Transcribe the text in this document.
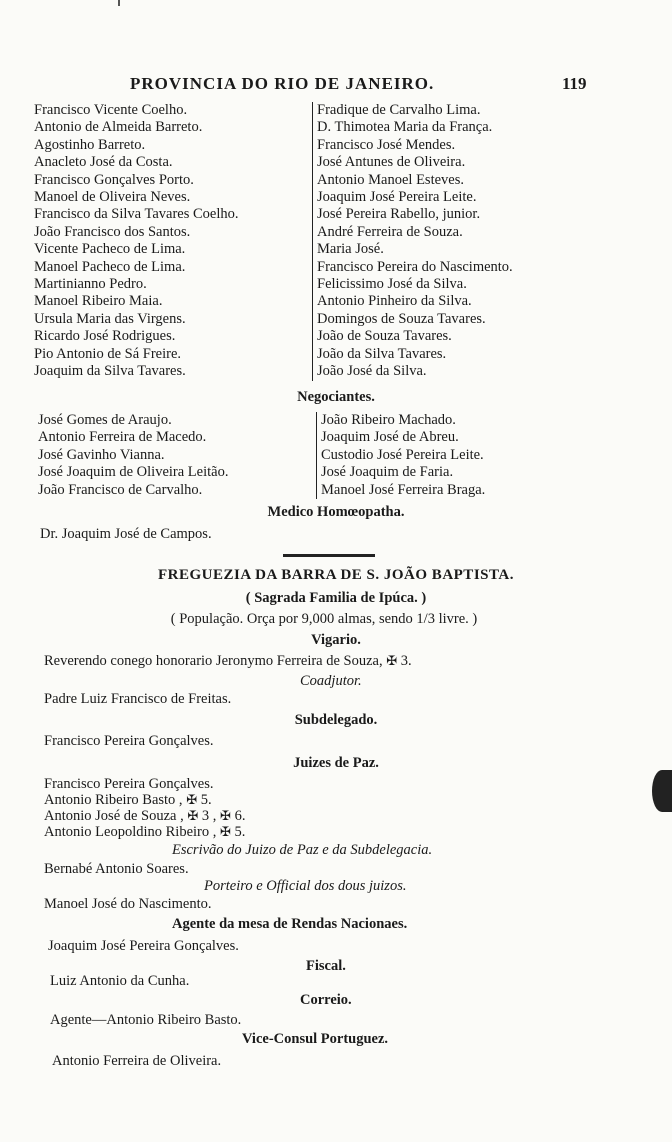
PROVINCIA DO RIO DE JANEIRO.	119
Francisco Vicente Coelho.
Antonio de Almeida Barreto.
Agostinho Barreto.
Anacleto José da Costa.
Francisco Gonçalves Porto.
Manoel de Oliveira Neves.
Francisco da Silva Tavares Coelho.
João Francisco dos Santos.
Vicente Pacheco de Lima.
Manoel Pacheco de Lima.
Martinianno Pedro.
Manoel Ribeiro Maia.
Ursula Maria das Virgens.
Ricardo José Rodrigues.
Pio Antonio de Sá Freire.
Joaquim da Silva Tavares.
Fradique de Carvalho Lima.
D. Thimotea Maria da França.
Francisco José Mendes.
José Antunes de Oliveira.
Antonio Manoel Esteves.
Joaquim José Pereira Leite.
José Pereira Rabello, junior.
André Ferreira de Souza.
Maria José.
Francisco Pereira do Nascimento.
Felicissimo José da Silva.
Antonio Pinheiro da Silva.
Domingos de Souza Tavares.
João de Souza Tavares.
João da Silva Tavares.
João José da Silva.
Negociantes.
José Gomes de Araujo.
Antonio Ferreira de Macedo.
José Gavinho Vianna.
José Joaquim de Oliveira Leitão.
João Francisco de Carvalho.
João Ribeiro Machado.
Joaquim José de Abreu.
Custodio José Pereira Leite.
José Joaquim de Faria.
Manoel José Ferreira Braga.
Medico Homœopatha.
Dr. Joaquim José de Campos.
FREGUEZIA DA BARRA DE S. JOÃO BAPTISTA.
( Sagrada Familia de Ipúca. )
( População. Orça por 9,000 almas, sendo 1/3 livre. )
Vigario.
Reverendo conego honorario Jeronymo Ferreira de Souza, ✠ 3.
Coadjutor.
Padre Luiz Francisco de Freitas.
Subdelegado.
Francisco Pereira Gonçalves.
Juizes de Paz.
Francisco Pereira Gonçalves.
Antonio Ribeiro Basto , ✠ 5.
Antonio José de Souza , ✠ 3 , ✠ 6.
Antonio Leopoldino Ribeiro , ✠ 5.
Escrivão do Juizo de Paz e da Subdelegacia.
Bernabé Antonio Soares.
Porteiro e Official dos dous juizos.
Manoel José do Nascimento.
Agente da mesa de Rendas Nacionaes.
Joaquim José Pereira Gonçalves.
Fiscal.
Luiz Antonio da Cunha.
Correio.
Agente—Antonio Ribeiro Basto.
Vice-Consul Portuguez.
Antonio Ferreira de Oliveira.
